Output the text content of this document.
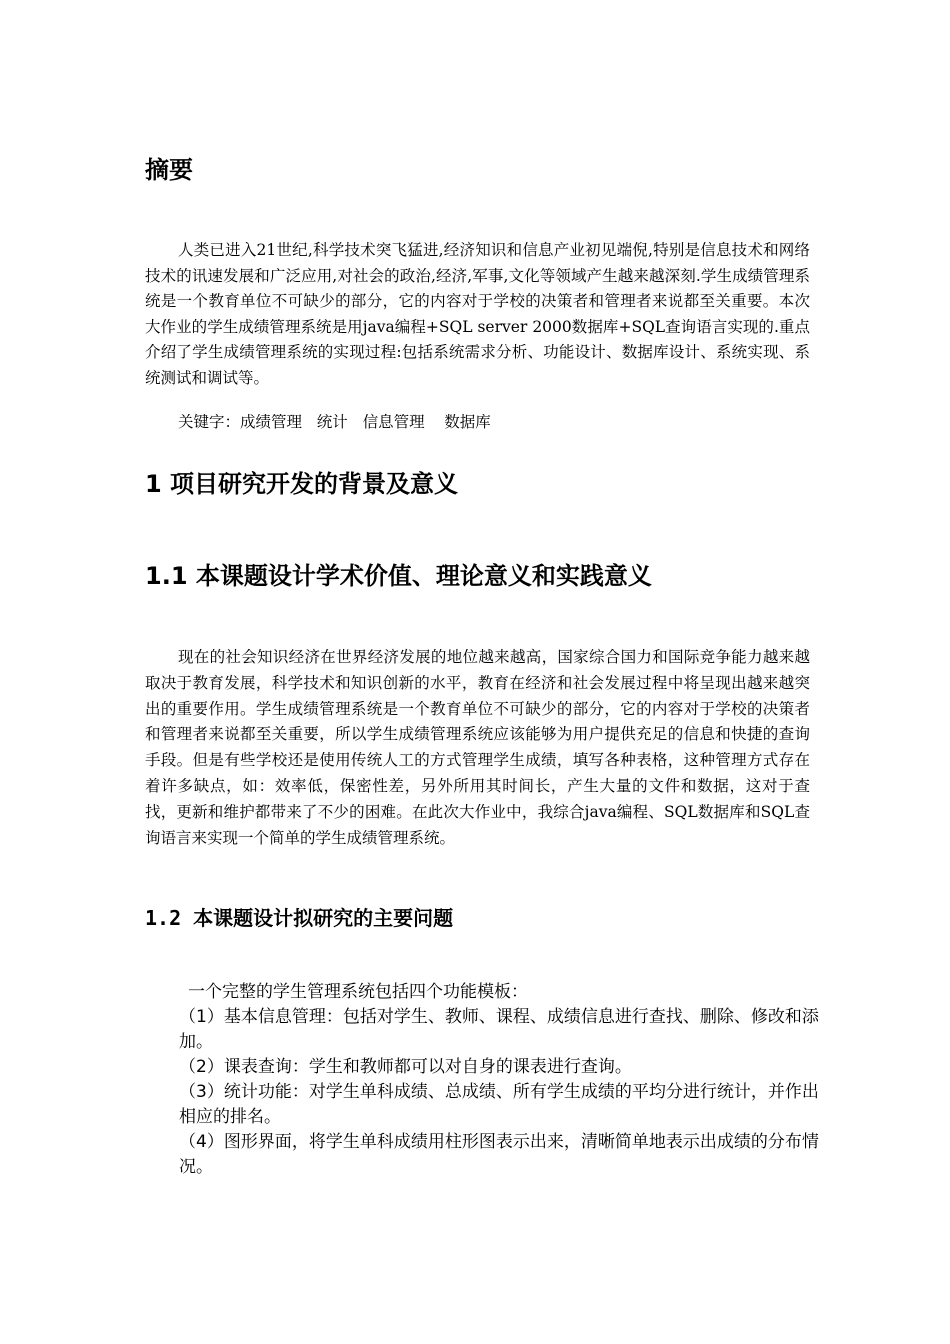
摘要

人类已进入21世纪,科学技术突飞猛进,经济知识和信息产业初见端倪,特别是信息技术和网络技术的讯速发展和广泛应用,对社会的政治,经济,军事,文化等领域产生越来越深刻.学生成绩管理系统是一个教育单位不可缺少的部分，它的内容对于学校的决策者和管理者来说都至关重要。本次大作业的学生成绩管理系统是用java编程+SQL server 2000数据库+SQL查询语言实现的.重点介绍了学生成绩管理系统的实现过程:包括系统需求分析、功能设计、数据库设计、系统实现、系统测试和调试等。

关键字：成绩管理   统计   信息管理    数据库

1 项目研究开发的背景及意义
1.1 本课题设计学术价值、理论意义和实践意义

现在的社会知识经济在世界经济发展的地位越来越高，国家综合国力和国际竞争能力越来越取决于教育发展，科学技术和知识创新的水平，教育在经济和社会发展过程中将呈现出越来越突出的重要作用。学生成绩管理系统是一个教育单位不可缺少的部分，它的内容对于学校的决策者和管理者来说都至关重要，所以学生成绩管理系统应该能够为用户提供充足的信息和快捷的查询手段。但是有些学校还是使用传统人工的方式管理学生成绩，填写各种表格，这种管理方式存在着许多缺点，如：效率低，保密性差，另外所用其时间长，产生大量的文件和数据，这对于查找，更新和维护都带来了不少的困难。在此次大作业中，我综合java编程、SQL数据库和SQL查询语言来实现一个简单的学生成绩管理系统。

1.2 本课题设计拟研究的主要问题

一个完整的学生管理系统包括四个功能模板：

（1）基本信息管理：包括对学生、教师、课程、成绩信息进行查找、删除、修改和添加。

（2）课表查询：学生和教师都可以对自身的课表进行查询。

（3）统计功能：对学生单科成绩、总成绩、所有学生成绩的平均分进行统计，并作出相应的排名。

（4）图形界面，将学生单科成绩用柱形图表示出来，清晰简单地表示出成绩的分布情况。
